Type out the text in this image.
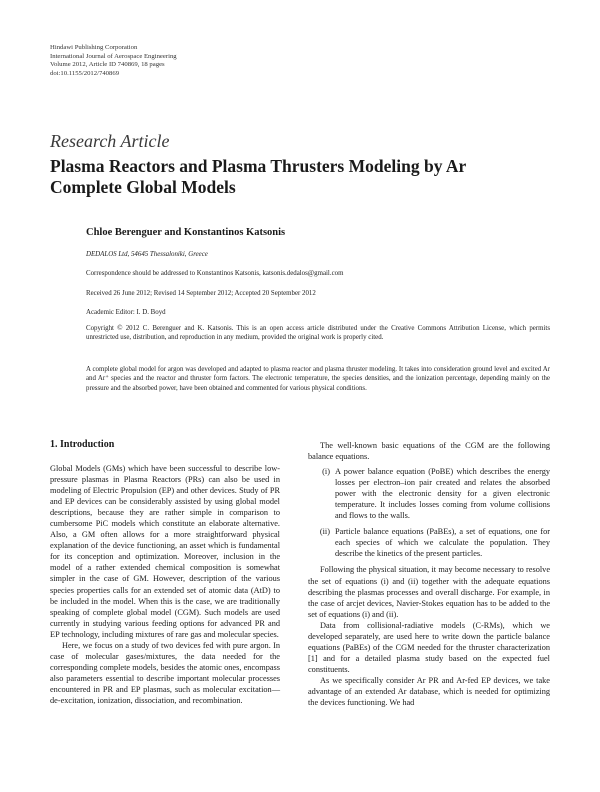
Hindawi Publishing Corporation
International Journal of Aerospace Engineering
Volume 2012, Article ID 740869, 18 pages
doi:10.1155/2012/740869
Research Article
Plasma Reactors and Plasma Thrusters Modeling by Ar Complete Global Models
Chloe Berenguer and Konstantinos Katsonis
DEDALOS Ltd, 54645 Thessaloniki, Greece
Correspondence should be addressed to Konstantinos Katsonis, katsonis.dedalos@gmail.com
Received 26 June 2012; Revised 14 September 2012; Accepted 20 September 2012
Academic Editor: I. D. Boyd
Copyright © 2012 C. Berenguer and K. Katsonis. This is an open access article distributed under the Creative Commons Attribution License, which permits unrestricted use, distribution, and reproduction in any medium, provided the original work is properly cited.
A complete global model for argon was developed and adapted to plasma reactor and plasma thruster modeling. It takes into consideration ground level and excited Ar and Ar⁺ species and the reactor and thruster form factors. The electronic temperature, the species densities, and the ionization percentage, depending mainly on the pressure and the absorbed power, have been obtained and commented for various physical conditions.
1. Introduction

Global Models (GMs) which have been successful to describe low-pressure plasmas in Plasma Reactors (PRs) can also be used in modeling of Electric Propulsion (EP) and other devices. Study of PR and EP devices can be considerably assisted by using global model descriptions, because they are rather simple in comparison to cumbersome PiC models which constitute an elaborate alternative. Also, a GM often allows for a more straightforward physical explanation of the device functioning, an asset which is fundamental for its conception and optimization. Moreover, inclusion in the model of a rather extended chemical composition is somewhat simpler in the case of GM. However, description of the various species properties calls for an extended set of atomic data (AtD) to be included in the model. When this is the case, we are traditionally speaking of complete global model (CGM). Such models are used currently in studying various feeding options for advanced PR and EP technology, including mixtures of rare gas and molecular species.

Here, we focus on a study of two devices fed with pure argon. In case of molecular gases/mixtures, the data needed for the corresponding complete models, besides the atomic ones, encompass also parameters essential to describe important molecular processes encountered in PR and EP plasmas, such as molecular excitation—de-excitation, ionization, dissociation, and recombination.

The well-known basic equations of the CGM are the following balance equations.

(i) A power balance equation (PoBE) which describes the energy losses per electron–ion pair created and relates the absorbed power with the electronic density for a given electronic temperature. It includes losses coming from volume collisions and flows to the walls.
(ii) Particle balance equations (PaBEs), a set of equations, one for each species of which we calculate the population. They describe the kinetics of the present particles.

Following the physical situation, it may become necessary to resolve the set of equations (i) and (ii) together with the adequate equations describing the plasmas processes and overall discharge. For example, in the case of arcjet devices, Navier-Stokes equation has to be added to the set of equations (i) and (ii).

Data from collisional-radiative models (C-RMs), which we developed separately, are used here to write down the particle balance equations (PaBEs) of the CGM needed for the thruster characterization [1] and for a detailed plasma study based on the expected fuel constituents.

As we specifically consider Ar PR and Ar-fed EP devices, we take advantage of an extended Ar database, which is needed for optimizing the devices functioning. We had
